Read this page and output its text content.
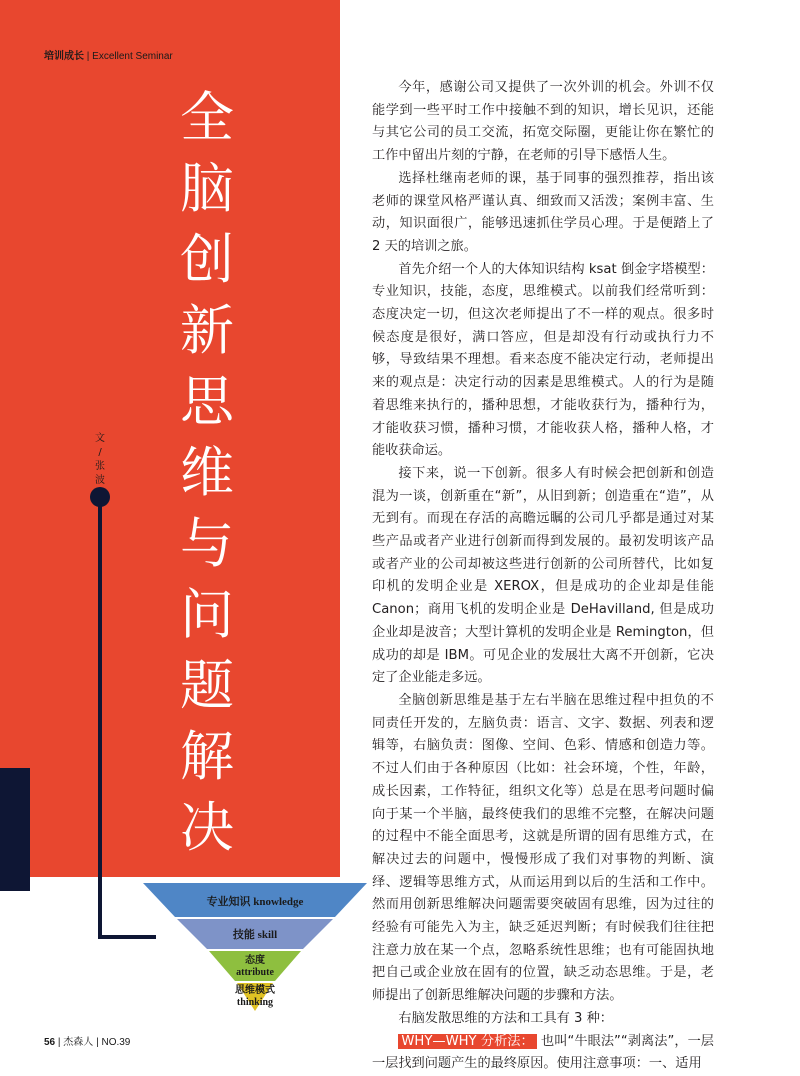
培训成长 | Excellent Seminar
全
脑
创
新
思
维
与
问
题
解
决
文
/
张
波
专业知识 knowledge
技能 skill
态度
attribute
思维模式
thinking

今年，感谢公司又提供了一次外训的机会。外训不仅能学到一些平时工作中接触不到的知识，增长见识，还能与其它公司的员工交流，拓宽交际圈，更能让你在繁忙的工作中留出片刻的宁静，在老师的引导下感悟人生。

选择杜继南老师的课，基于同事的强烈推荐，指出该老师的课堂风格严谨认真、细致而又活泼；案例丰富、生动，知识面很广，能够迅速抓住学员心理。于是便踏上了 2 天的培训之旅。

首先介绍一个人的大体知识结构 ksat 倒金字塔模型：专业知识，技能，态度，思维模式。以前我们经常听到：态度决定一切，但这次老师提出了不一样的观点。很多时候态度是很好，满口答应，但是却没有行动或执行力不够，导致结果不理想。看来态度不能决定行动，老师提出来的观点是：决定行动的因素是思维模式。人的行为是随着思维来执行的，播种思想，才能收获行为，播种行为，才能收获习惯，播种习惯，才能收获人格，播种人格，才能收获命运。

接下来，说一下创新。很多人有时候会把创新和创造混为一谈，创新重在“新”，从旧到新；创造重在“造”，从无到有。而现在存活的高瞻远瞩的公司几乎都是通过对某些产品或者产业进行创新而得到发展的。最初发明该产品或者产业的公司却被这些进行创新的公司所替代，比如复印机的发明企业是 XEROX，但是成功的企业却是佳能 Canon；商用飞机的发明企业是 DeHavilland, 但是成功企业却是波音；大型计算机的发明企业是 Remington，但成功的却是 IBM。可见企业的发展壮大离不开创新，它决定了企业能走多远。

全脑创新思维是基于左右半脑在思维过程中担负的不同责任开发的，左脑负责：语言、文字、数据、列表和逻辑等，右脑负责：图像、空间、色彩、情感和创造力等。不过人们由于各种原因（比如：社会环境，个性，年龄，成长因素，工作特征，组织文化等）总是在思考问题时偏向于某一个半脑，最终使我们的思维不完整，在解决问题的过程中不能全面思考，这就是所谓的固有思维方式，在解决过去的问题中，慢慢形成了我们对事物的判断、演绎、逻辑等思维方式，从而运用到以后的生活和工作中。然而用创新思维解决问题需要突破固有思维，因为过往的经验有可能先入为主，缺乏延迟判断；有时候我们往往把注意力放在某一个点，忽略系统性思维；也有可能固执地把自己或企业放在固有的位置，缺乏动态思维。于是，老师提出了创新思维解决问题的步骤和方法。

右脑发散思维的方法和工具有 3 种：

WHY—WHY 分析法： 也叫“牛眼法”“剥离法”，一层一层找到问题产生的最终原因。使用注意事项：一、适用

56 | 杰森人 | NO.39
